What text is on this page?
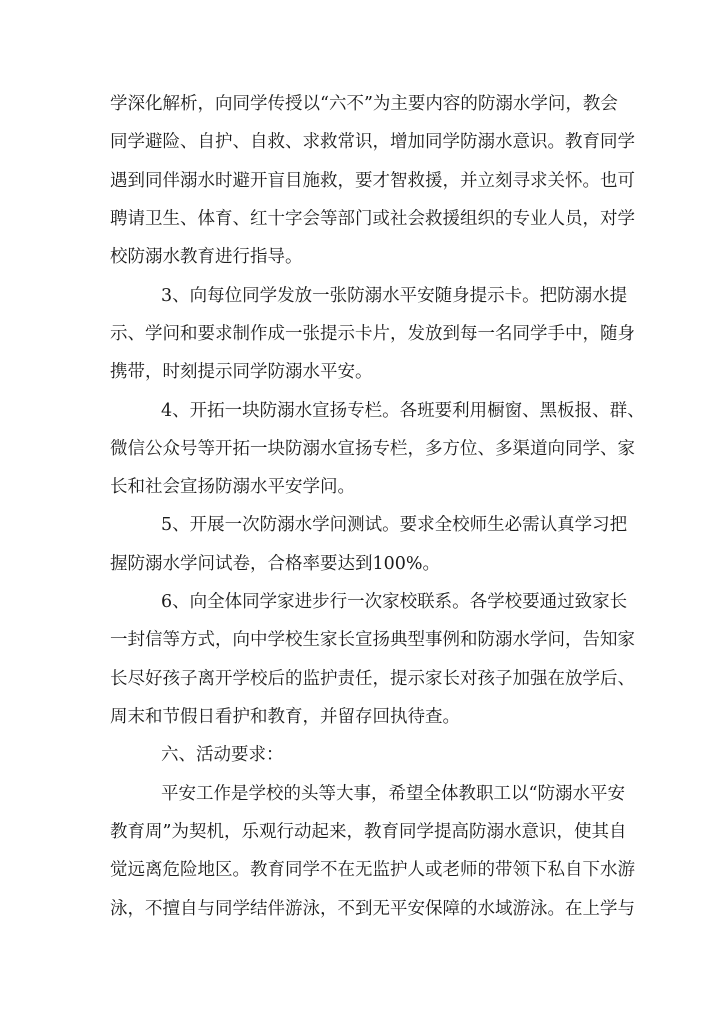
学深化解析，向同学传授以“六不”为主要内容的防溺水学问，教会
同学避险、自护、自救、求救常识，增加同学防溺水意识。教育同学
遇到同伴溺水时避开盲目施救，要才智救援，并立刻寻求关怀。也可
聘请卫生、体育、红十字会等部门或社会救援组织的专业人员，对学
校防溺水教育进行指导。
3、向每位同学发放一张防溺水平安随身提示卡。把防溺水提
示、学问和要求制作成一张提示卡片，发放到每一名同学手中，随身
携带，时刻提示同学防溺水平安。
4、开拓一块防溺水宣扬专栏。各班要利用橱窗、黑板报、群、
微信公众号等开拓一块防溺水宣扬专栏，多方位、多渠道向同学、家
长和社会宣扬防溺水平安学问。
5、开展一次防溺水学问测试。要求全校师生必需认真学习把
握防溺水学问试卷，合格率要达到100%。
6、向全体同学家进步行一次家校联系。各学校要通过致家长
一封信等方式，向中学校生家长宣扬典型事例和防溺水学问，告知家
长尽好孩子离开学校后的监护责任，提示家长对孩子加强在放学后、
周末和节假日看护和教育，并留存回执待查。
六、活动要求：
平安工作是学校的头等大事，希望全体教职工以“防溺水平安
教育周”为契机，乐观行动起来，教育同学提高防溺水意识，使其自
觉远离危险地区。教育同学不在无监护人或老师的带领下私自下水游
泳，不擅自与同学结伴游泳，不到无平安保障的水域游泳。在上学与
